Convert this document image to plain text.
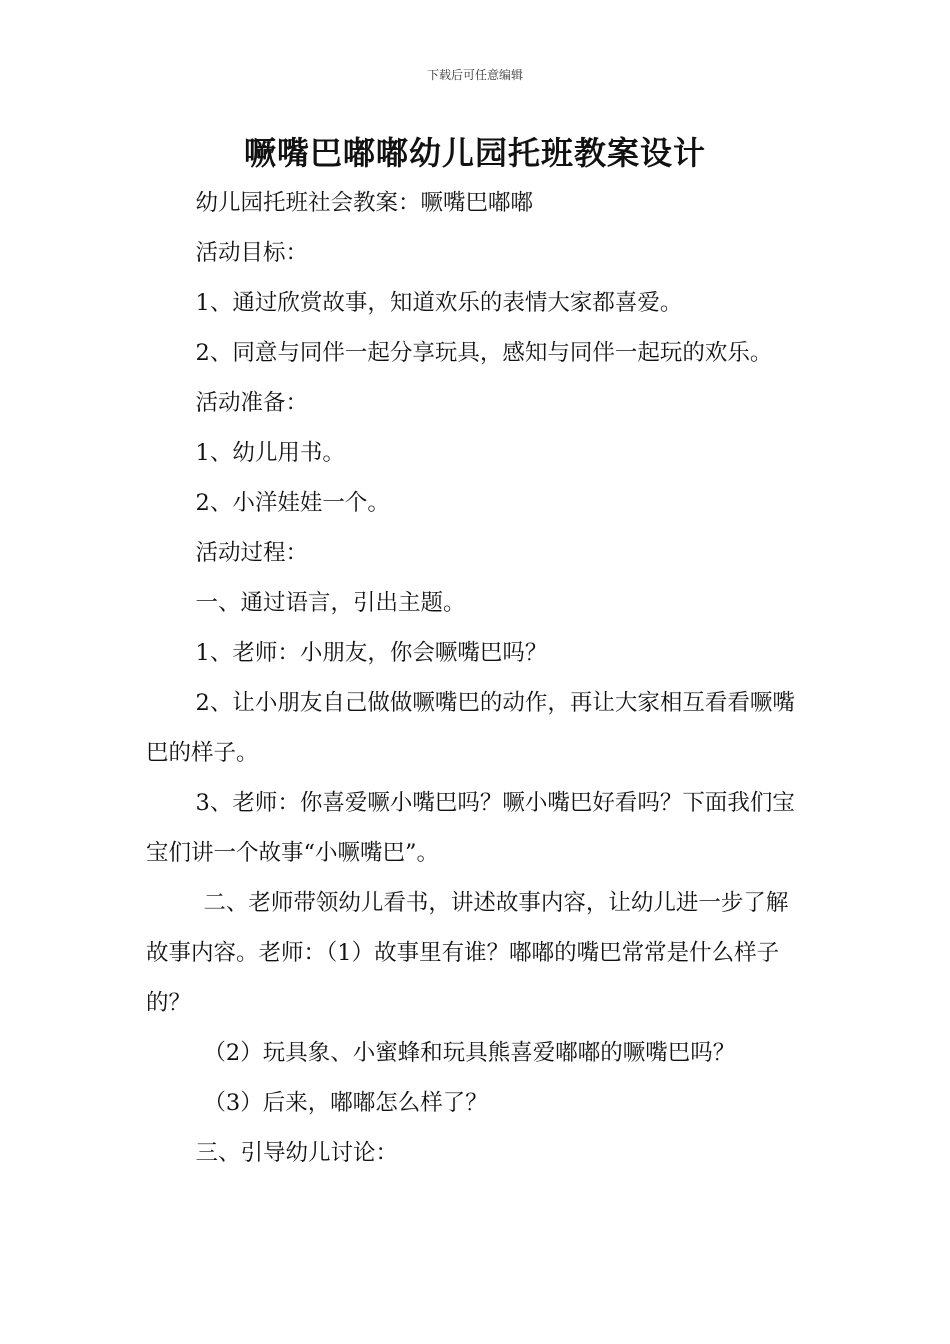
下载后可任意编辑
噘嘴巴嘟嘟幼儿园托班教案设计

幼儿园托班社会教案：噘嘴巴嘟嘟

活动目标：

1、通过欣赏故事，知道欢乐的表情大家都喜爱。

2、同意与同伴一起分享玩具，感知与同伴一起玩的欢乐。

活动准备：

1、幼儿用书。

2、小洋娃娃一个。

活动过程：

一、通过语言，引出主题。

1、老师：小朋友，你会噘嘴巴吗？

2、让小朋友自己做做噘嘴巴的动作，再让大家相互看看噘嘴巴的样子。

3、老师：你喜爱噘小嘴巴吗？噘小嘴巴好看吗？下面我们宝宝们讲一个故事“小噘嘴巴”。

二、老师带领幼儿看书，讲述故事内容，让幼儿进一步了解故事内容。老师：（1）故事里有谁？嘟嘟的嘴巴常常是什么样子的？

（2）玩具象、小蜜蜂和玩具熊喜爱嘟嘟的噘嘴巴吗？

（3）后来，嘟嘟怎么样了？

三、引导幼儿讨论：
